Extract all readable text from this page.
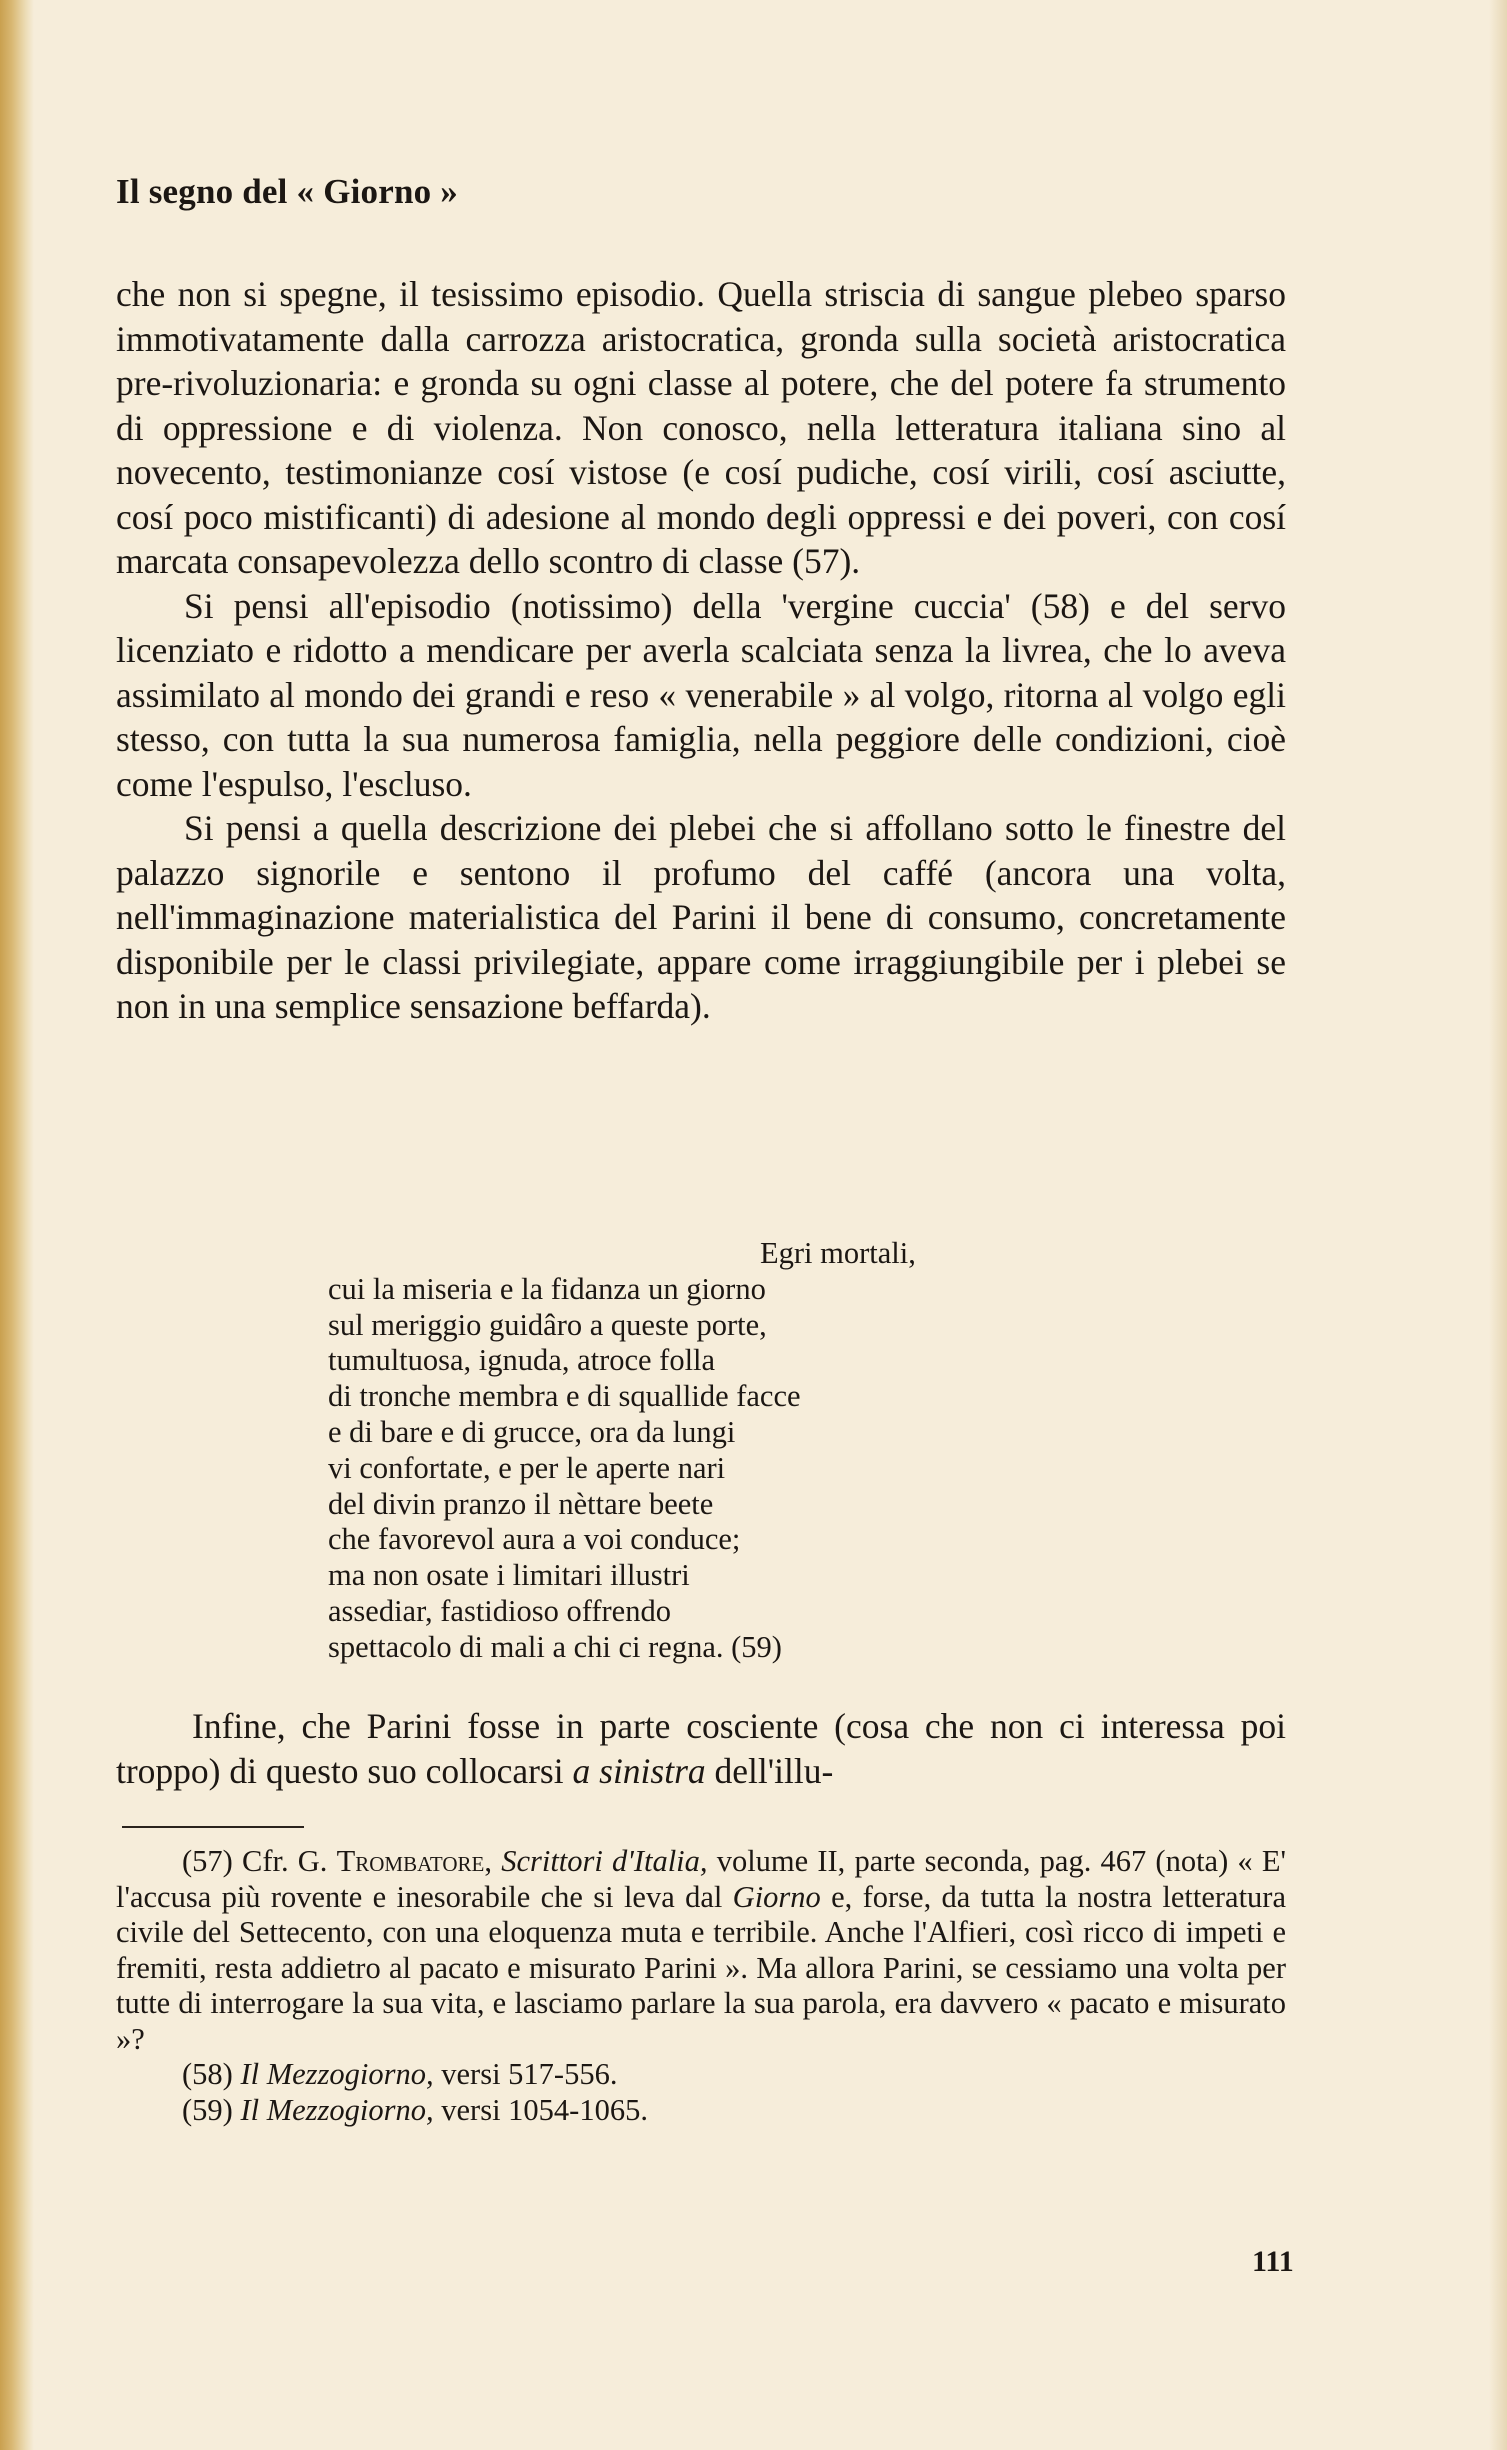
Il segno del « Giorno »

che non si spegne, il tesissimo episodio. Quella striscia di sangue plebeo sparso immotivatamente dalla carrozza aristocratica, gronda sulla società aristocratica pre-rivoluzionaria: e gronda su ogni classe al potere, che del potere fa strumento di oppressione e di violenza. Non conosco, nella letteratura italiana sino al novecento, testimonianze cosí vistose (e cosí pudiche, cosí virili, cosí asciutte, cosí poco mistificanti) di adesione al mondo degli oppressi e dei poveri, con cosí marcata consapevolezza dello scontro di classe (57).

Si pensi all'episodio (notissimo) della 'vergine cuccia' (58) e del servo licenziato e ridotto a mendicare per averla scalciata senza la livrea, che lo aveva assimilato al mondo dei grandi e reso « venerabile » al volgo, ritorna al volgo egli stesso, con tutta la sua numerosa famiglia, nella peggiore delle condizioni, cioè come l'espulso, l'escluso.

Si pensi a quella descrizione dei plebei che si affollano sotto le finestre del palazzo signorile e sentono il profumo del caffé (ancora una volta, nell'immaginazione materialistica del Parini il bene di consumo, concretamente disponibile per le classi privilegiate, appare come irraggiungibile per i plebei se non in una semplice sensazione beffarda).

Egri mortali,
cui la miseria e la fidanza un giorno
sul meriggio guidâro a queste porte,
tumultuosa, ignuda, atroce folla
di tronche membra e di squallide facce
e di bare e di grucce, ora da lungi
vi confortate, e per le aperte nari
del divin pranzo il nèttare beete
che favorevol aura a voi conduce;
ma non osate i limitari illustri
assediar, fastidioso offrendo
spettacolo di mali a chi ci regna. (59)

Infine, che Parini fosse in parte cosciente (cosa che non ci interessa poi troppo) di questo suo collocarsi a sinistra dell'illu-

(57) Cfr. G. Trombatore, Scrittori d'Italia, volume II, parte seconda, pag. 467 (nota) « E' l'accusa più rovente e inesorabile che si leva dal Giorno e, forse, da tutta la nostra letteratura civile del Settecento, con una eloquenza muta e terribile. Anche l'Alfieri, così ricco di impeti e fremiti, resta addietro al pacato e misurato Parini ». Ma allora Parini, se cessiamo una volta per tutte di interrogare la sua vita, e lasciamo parlare la sua parola, era davvero « pacato e misurato »?

(58) Il Mezzogiorno, versi 517-556.

(59) Il Mezzogiorno, versi 1054-1065.

111
